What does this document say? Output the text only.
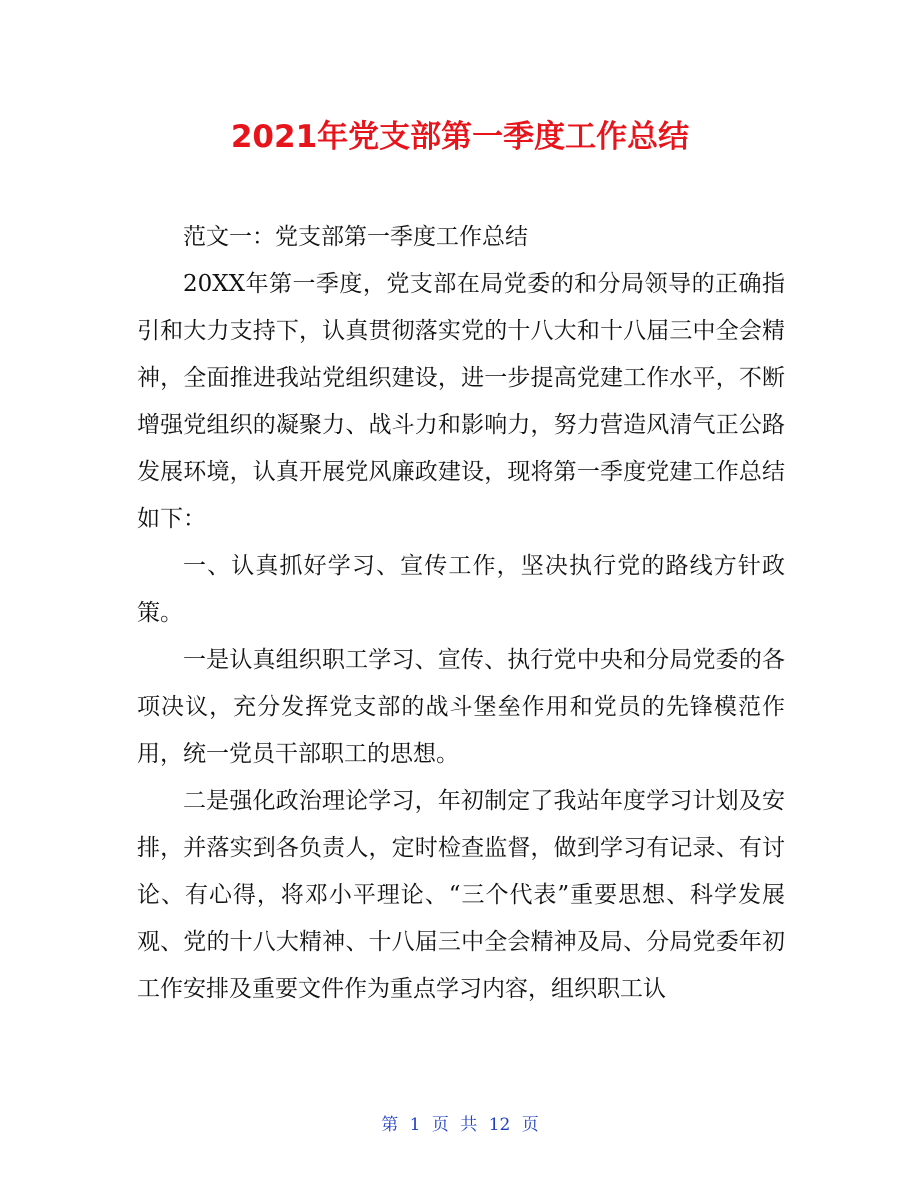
2021年党支部第一季度工作总结

范文一：党支部第一季度工作总结

20XX年第一季度，党支部在局党委的和分局领导的正确指引和大力支持下，认真贯彻落实党的十八大和十八届三中全会精神，全面推进我站党组织建设，进一步提高党建工作水平，不断增强党组织的凝聚力、战斗力和影响力，努力营造风清气正公路发展环境，认真开展党风廉政建设，现将第一季度党建工作总结如下：

一、认真抓好学习、宣传工作，坚决执行党的路线方针政策。

一是认真组织职工学习、宣传、执行党中央和分局党委的各项决议，充分发挥党支部的战斗堡垒作用和党员的先锋模范作用，统一党员干部职工的思想。

二是强化政治理论学习，年初制定了我站年度学习计划及安排，并落实到各负责人，定时检查监督，做到学习有记录、有讨论、有心得，将邓小平理论、“三个代表”重要思想、科学发展观、党的十八大精神、十八届三中全会精神及局、分局党委年初工作安排及重要文件作为重点学习内容，组织职工认

第 1 页 共 12 页
